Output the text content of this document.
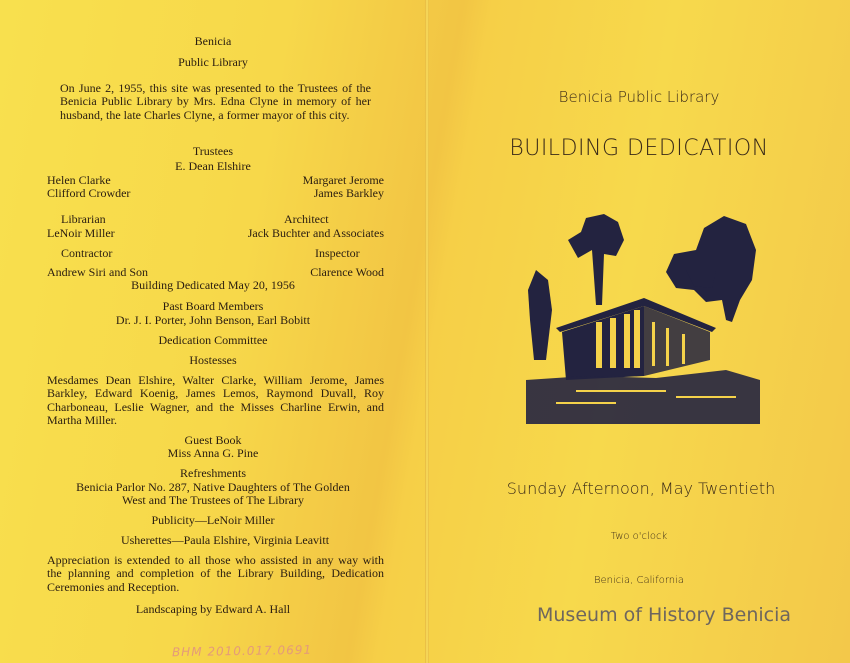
Benicia
Public Library
On June 2, 1955, this site was presented to the Trustees of the Benicia Public Library by Mrs. Edna Clyne in memory of her husband, the late Charles Clyne, a former mayor of this city.
Trustees
E. Dean Elshire
Helen Clarke	Margaret Jerome
Clifford Crowder	James Barkley
Librarian	Architect
LeNoir Miller	Jack Buchter and Associates
Contractor	Inspector
Andrew Siri and Son	Clarence Wood
Building Dedicated May 20, 1956
Past Board Members
Dr. J. I. Porter, John Benson, Earl Bobitt
Dedication Committee
Hostesses
Mesdames Dean Elshire, Walter Clarke, William Jerome, James Barkley, Edward Koenig, James Lemos, Raymond Duvall, Roy Charboneau, Leslie Wagner, and the Misses Charline Erwin, and Martha Miller.
Guest Book
Miss Anna G. Pine
Refreshments
Benicia Parlor No. 287, Native Daughters of The Golden
West and The Trustees of The Library
Publicity—LeNoir Miller
Usherettes—Paula Elshire, Virginia Leavitt
Appreciation is extended to all those who assisted in any way with the planning and completion of the Library Building, Dedication Ceremonies and Reception.
Landscaping by Edward A. Hall
BHM 2010.017.0691
Benicia Public Library
BUILDING DEDICATION
Sunday Afternoon, May Twentieth
Two o'clock
Benicia, California
Museum of History Benicia
